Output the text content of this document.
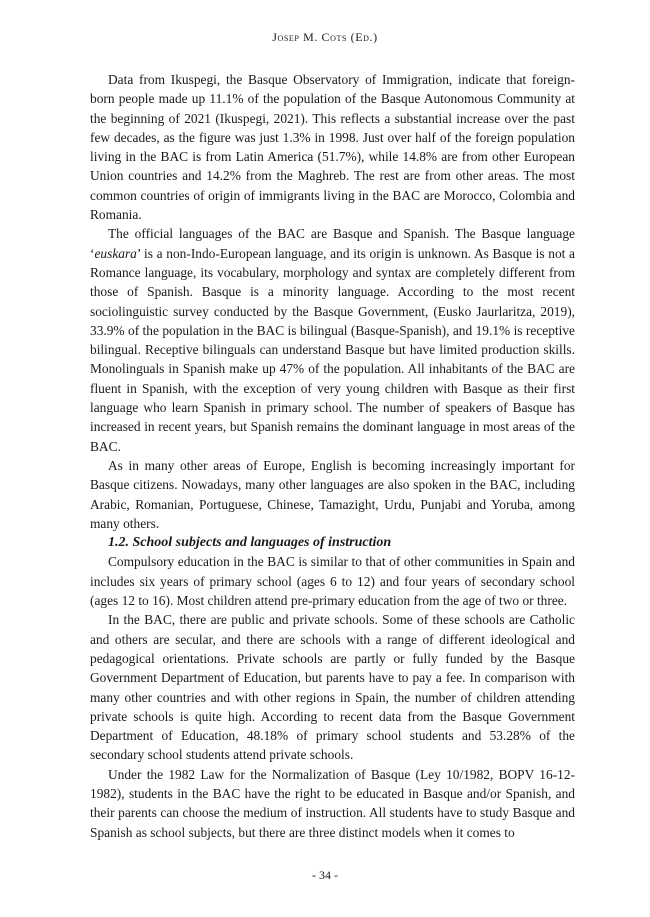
Josep M. Cots (Ed.)

Data from Ikuspegi, the Basque Observatory of Immigration, indicate that foreign-born people made up 11.1% of the population of the Basque Autonomous Community at the beginning of 2021 (Ikuspegi, 2021). This reflects a substantial increase over the past few decades, as the figure was just 1.3% in 1998. Just over half of the foreign population living in the BAC is from Latin America (51.7%), while 14.8% are from other European Union countries and 14.2% from the Maghreb. The rest are from other areas. The most common countries of origin of immigrants living in the BAC are Morocco, Colombia and Romania.

The official languages of the BAC are Basque and Spanish. The Basque language ‘euskara’ is a non-Indo-European language, and its origin is unknown. As Basque is not a Romance language, its vocabulary, morphology and syntax are completely different from those of Spanish. Basque is a minority language. According to the most recent sociolinguistic survey conducted by the Basque Government, (Eusko Jaurlaritza, 2019), 33.9% of the population in the BAC is bilingual (Basque-Spanish), and 19.1% is receptive bilingual. Receptive bilinguals can understand Basque but have limited production skills. Monolinguals in Spanish make up 47% of the population. All inhabitants of the BAC are fluent in Spanish, with the exception of very young children with Basque as their first language who learn Spanish in primary school. The number of speakers of Basque has increased in recent years, but Spanish remains the dominant language in most areas of the BAC.

As in many other areas of Europe, English is becoming increasingly important for Basque citizens. Nowadays, many other languages are also spoken in the BAC, including Arabic, Romanian, Portuguese, Chinese, Tamazight, Urdu, Punjabi and Yoruba, among many others.

1.2. School subjects and languages of instruction

Compulsory education in the BAC is similar to that of other communities in Spain and includes six years of primary school (ages 6 to 12) and four years of secondary school (ages 12 to 16). Most children attend pre-primary education from the age of two or three.

In the BAC, there are public and private schools. Some of these schools are Catholic and others are secular, and there are schools with a range of different ideological and pedagogical orientations. Private schools are partly or fully funded by the Basque Government Department of Education, but parents have to pay a fee. In comparison with many other countries and with other regions in Spain, the number of children attending private schools is quite high. According to recent data from the Basque Government Department of Education, 48.18% of primary school students and 53.28% of the secondary school students attend private schools.

Under the 1982 Law for the Normalization of Basque (Ley 10/1982, BOPV 16-12-1982), students in the BAC have the right to be educated in Basque and/or Spanish, and their parents can choose the medium of instruction. All students have to study Basque and Spanish as school subjects, but there are three distinct models when it comes to

- 34 -
